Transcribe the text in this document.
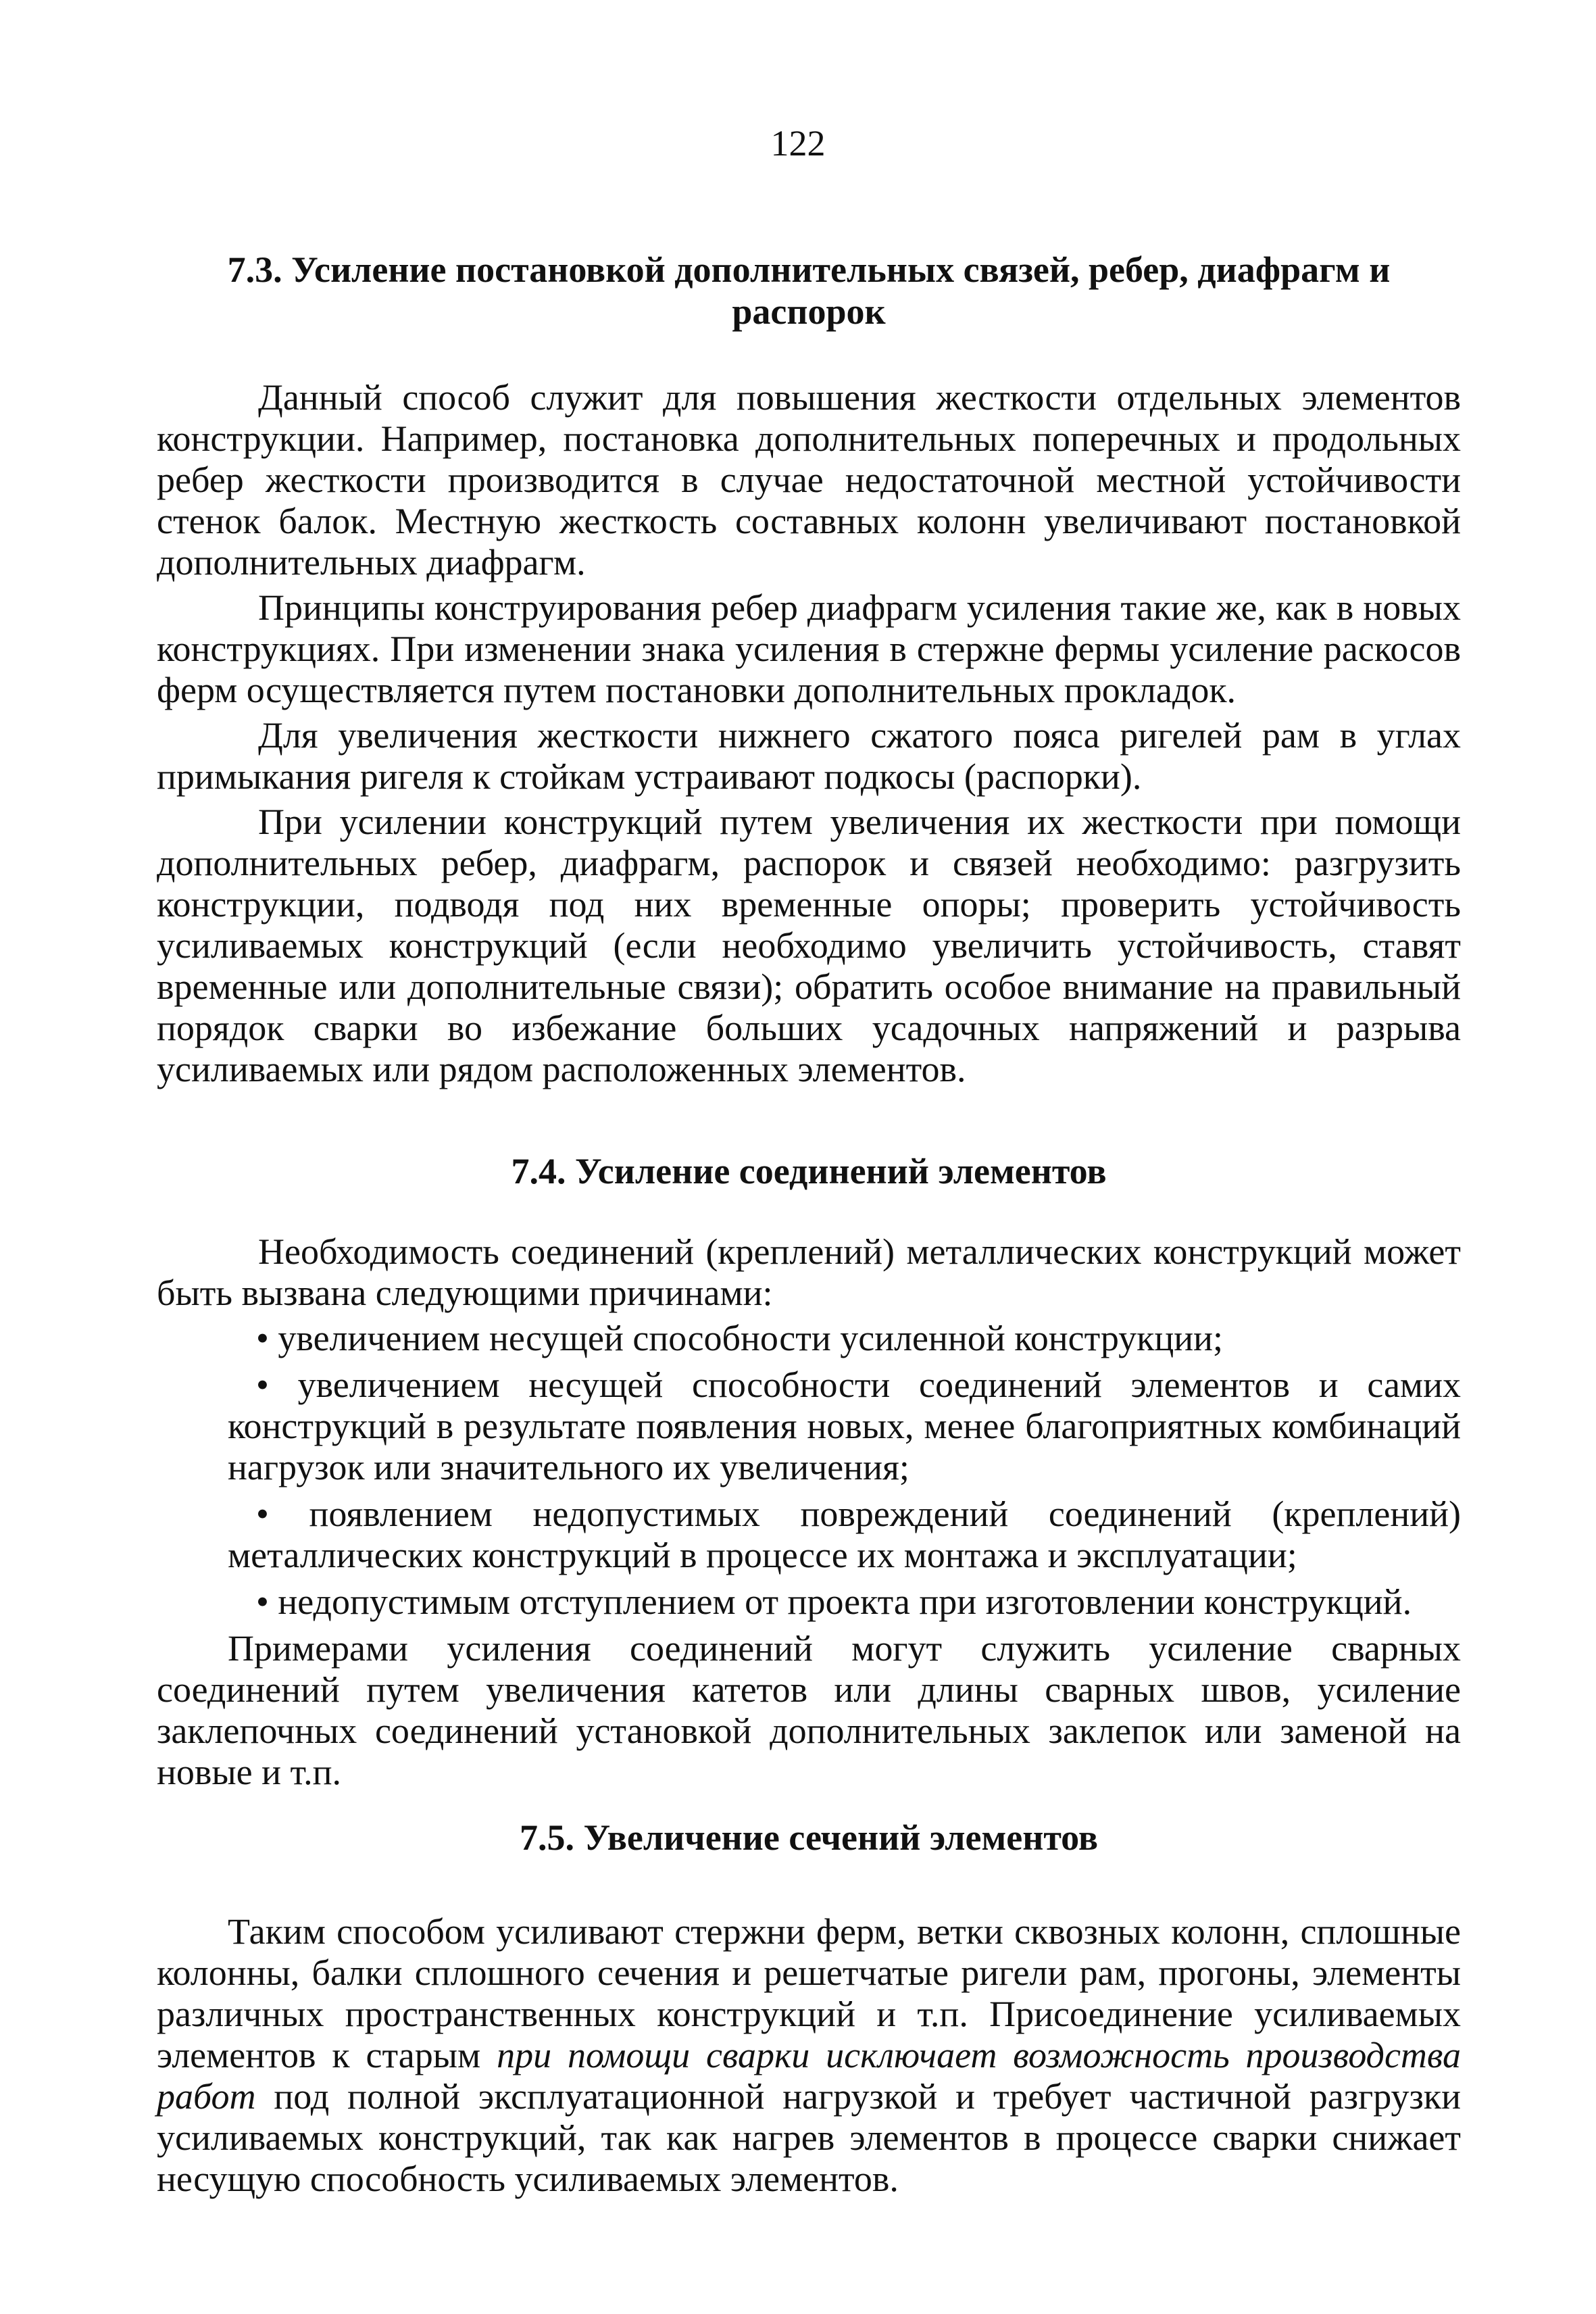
122
7.3. Усиление постановкой дополнительных связей, ребер, диафрагм и распорок

Данный способ служит для повышения жесткости отдельных элементов конструкции. Например, постановка дополнительных поперечных и продольных ребер жесткости производится в случае недостаточной местной устойчивости стенок балок. Местную жесткость составных колонн увеличивают постановкой дополнительных диафрагм.

Принципы конструирования ребер диафрагм усиления такие же, как в новых конструкциях. При изменении знака усиления в стержне фермы усиление раскосов ферм осуществляется путем постановки дополнительных прокладок.

Для увеличения жесткости нижнего сжатого пояса ригелей рам в углах примыкания ригеля к стойкам устраивают подкосы (распорки).

При усилении конструкций путем увеличения их жесткости при помощи дополнительных ребер, диафрагм, распорок и связей необходимо: разгрузить конструкции, подводя под них временные опоры; проверить устойчивость усиливаемых конструкций (если необходимо увеличить устойчивость, ставят временные или дополнительные связи); обратить особое внимание на правильный порядок сварки во избежание больших усадочных напряжений и разрыва усиливаемых или рядом расположенных элементов.

7.4. Усиление соединений элементов

Необходимость соединений (креплений) металлических конструкций может быть вызвана следующими причинами:

• увеличением несущей способности усиленной конструкции;
• увеличением несущей способности соединений элементов и самих конструкций в результате появления новых, менее благоприятных комбинаций нагрузок или значительного их увеличения;
• появлением недопустимых повреждений соединений (креплений) металлических конструкций в процессе их монтажа и эксплуатации;
• недопустимым отступлением от проекта при изготовлении конструкций.

Примерами усиления соединений могут служить усиление сварных соединений путем увеличения катетов или длины сварных швов, усиление заклепочных соединений установкой дополнительных заклепок или заменой на новые и т.п.

7.5. Увеличение сечений элементов

Таким способом усиливают стержни ферм, ветки сквозных колонн, сплошные колонны, балки сплошного сечения и решетчатые ригели рам, прогоны, элементы различных пространственных конструкций и т.п. Присоединение усиливаемых элементов к старым при помощи сварки исключает возможность производства работ под полной эксплуатационной нагрузкой и требует частичной разгрузки усиливаемых конструкций, так как нагрев элементов в процессе сварки снижает несущую способность усиливаемых элементов.
